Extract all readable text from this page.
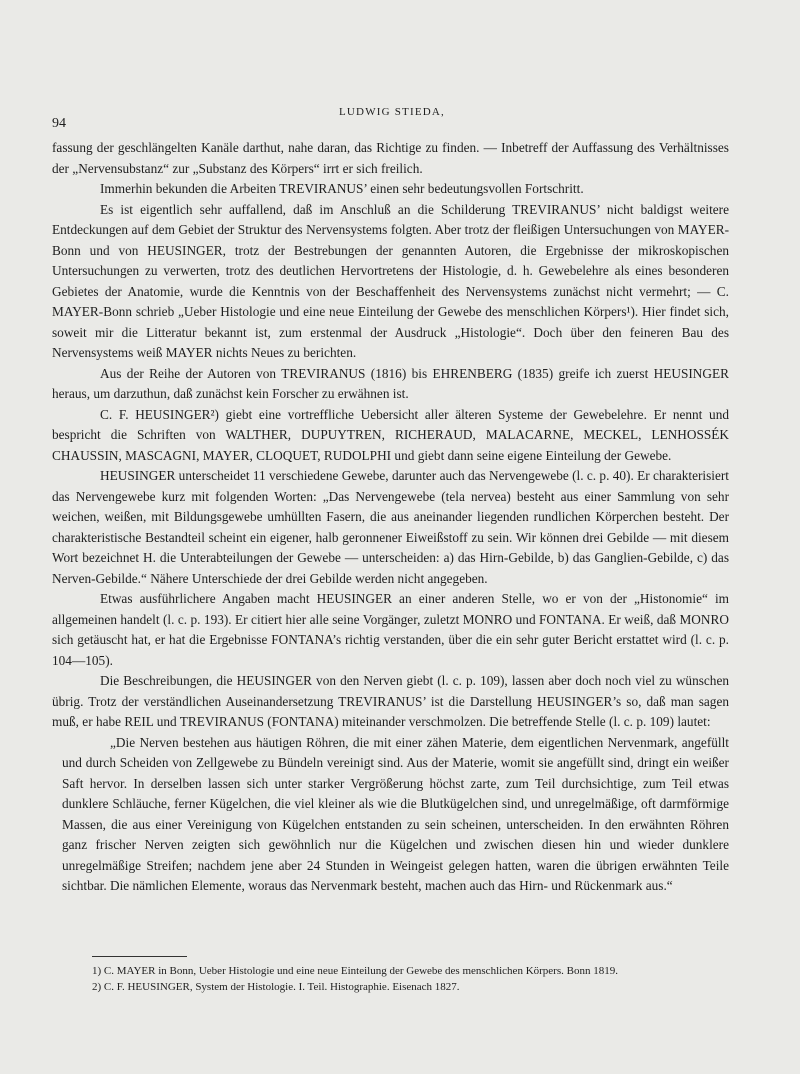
94
LUDWIG STIEDA,

fassung der geschlängelten Kanäle darthut, nahe daran, das Richtige zu finden. — Inbetreff der Auffassung des Verhältnisses der „Nervensubstanz“ zur „Substanz des Körpers“ irrt er sich freilich.

Immerhin bekunden die Arbeiten TREVIRANUS’ einen sehr bedeutungsvollen Fortschritt.

Es ist eigentlich sehr auffallend, daß im Anschluß an die Schilderung TREVIRANUS’ nicht baldigst weitere Entdeckungen auf dem Gebiet der Struktur des Nervensystems folgten. Aber trotz der fleißigen Untersuchungen von MAYER-Bonn und von HEUSINGER, trotz der Bestrebungen der genannten Autoren, die Ergebnisse der mikroskopischen Untersuchungen zu verwerten, trotz des deutlichen Hervortretens der Histologie, d. h. Gewebelehre als eines besonderen Gebietes der Anatomie, wurde die Kenntnis von der Beschaffenheit des Nervensystems zunächst nicht vermehrt; — C. MAYER-Bonn schrieb „Ueber Histologie und eine neue Einteilung der Gewebe des menschlichen Körpers¹). Hier findet sich, soweit mir die Litteratur bekannt ist, zum erstenmal der Ausdruck „Histologie“. Doch über den feineren Bau des Nervensystems weiß MAYER nichts Neues zu berichten.

Aus der Reihe der Autoren von TREVIRANUS (1816) bis EHRENBERG (1835) greife ich zuerst HEUSINGER heraus, um darzuthun, daß zunächst kein Forscher zu erwähnen ist.

C. F. HEUSINGER²) giebt eine vortreffliche Uebersicht aller älteren Systeme der Gewebelehre. Er nennt und bespricht die Schriften von WALTHER, DUPUYTREN, RICHERAUD, MALACARNE, MECKEL, LENHOSSÉK CHAUSSIN, MASCAGNI, MAYER, CLOQUET, RUDOLPHI und giebt dann seine eigene Einteilung der Gewebe.

HEUSINGER unterscheidet 11 verschiedene Gewebe, darunter auch das Nervengewebe (l. c. p. 40). Er charakterisiert das Nervengewebe kurz mit folgenden Worten: „Das Nervengewebe (tela nervea) besteht aus einer Sammlung von sehr weichen, weißen, mit Bildungsgewebe umhüllten Fasern, die aus aneinander liegenden rundlichen Körperchen besteht. Der charakteristische Bestandteil scheint ein eigener, halb geronnener Eiweißstoff zu sein. Wir können drei Gebilde — mit diesem Wort bezeichnet H. die Unterabteilungen der Gewebe — unterscheiden: a) das Hirn-Gebilde, b) das Ganglien-Gebilde, c) das Nerven-Gebilde.“ Nähere Unterschiede der drei Gebilde werden nicht angegeben.

Etwas ausführlichere Angaben macht HEUSINGER an einer anderen Stelle, wo er von der „Histonomie“ im allgemeinen handelt (l. c. p. 193). Er citiert hier alle seine Vorgänger, zuletzt MONRO und FONTANA. Er weiß, daß MONRO sich getäuscht hat, er hat die Ergebnisse FONTANA’s richtig verstanden, über die ein sehr guter Bericht erstattet wird (l. c. p. 104—105).

Die Beschreibungen, die HEUSINGER von den Nerven giebt (l. c. p. 109), lassen aber doch noch viel zu wünschen übrig. Trotz der verständlichen Auseinandersetzung TREVIRANUS’ ist die Darstellung HEUSINGER’s so, daß man sagen muß, er habe REIL und TREVIRANUS (FONTANA) miteinander verschmolzen. Die betreffende Stelle (l. c. p. 109) lautet:

„Die Nerven bestehen aus häutigen Röhren, die mit einer zähen Materie, dem eigentlichen Nervenmark, angefüllt und durch Scheiden von Zellgewebe zu Bündeln vereinigt sind. Aus der Materie, womit sie angefüllt sind, dringt ein weißer Saft hervor. In derselben lassen sich unter starker Vergrößerung höchst zarte, zum Teil durchsichtige, zum Teil etwas dunklere Schläuche, ferner Kügelchen, die viel kleiner als wie die Blutkügelchen sind, und unregelmäßige, oft darmförmige Massen, die aus einer Vereinigung von Kügelchen entstanden zu sein scheinen, unterscheiden. In den erwähnten Röhren ganz frischer Nerven zeigten sich gewöhnlich nur die Kügelchen und zwischen diesen hin und wieder dunklere unregelmäßige Streifen; nachdem jene aber 24 Stunden in Weingeist gelegen hatten, waren die übrigen erwähnten Teile sichtbar. Die nämlichen Elemente, woraus das Nervenmark besteht, machen auch das Hirn- und Rückenmark aus.“

1) C. MAYER in Bonn, Ueber Histologie und eine neue Einteilung der Gewebe des menschlichen Körpers. Bonn 1819.
2) C. F. HEUSINGER, System der Histologie. I. Teil. Histographie. Eisenach 1827.
